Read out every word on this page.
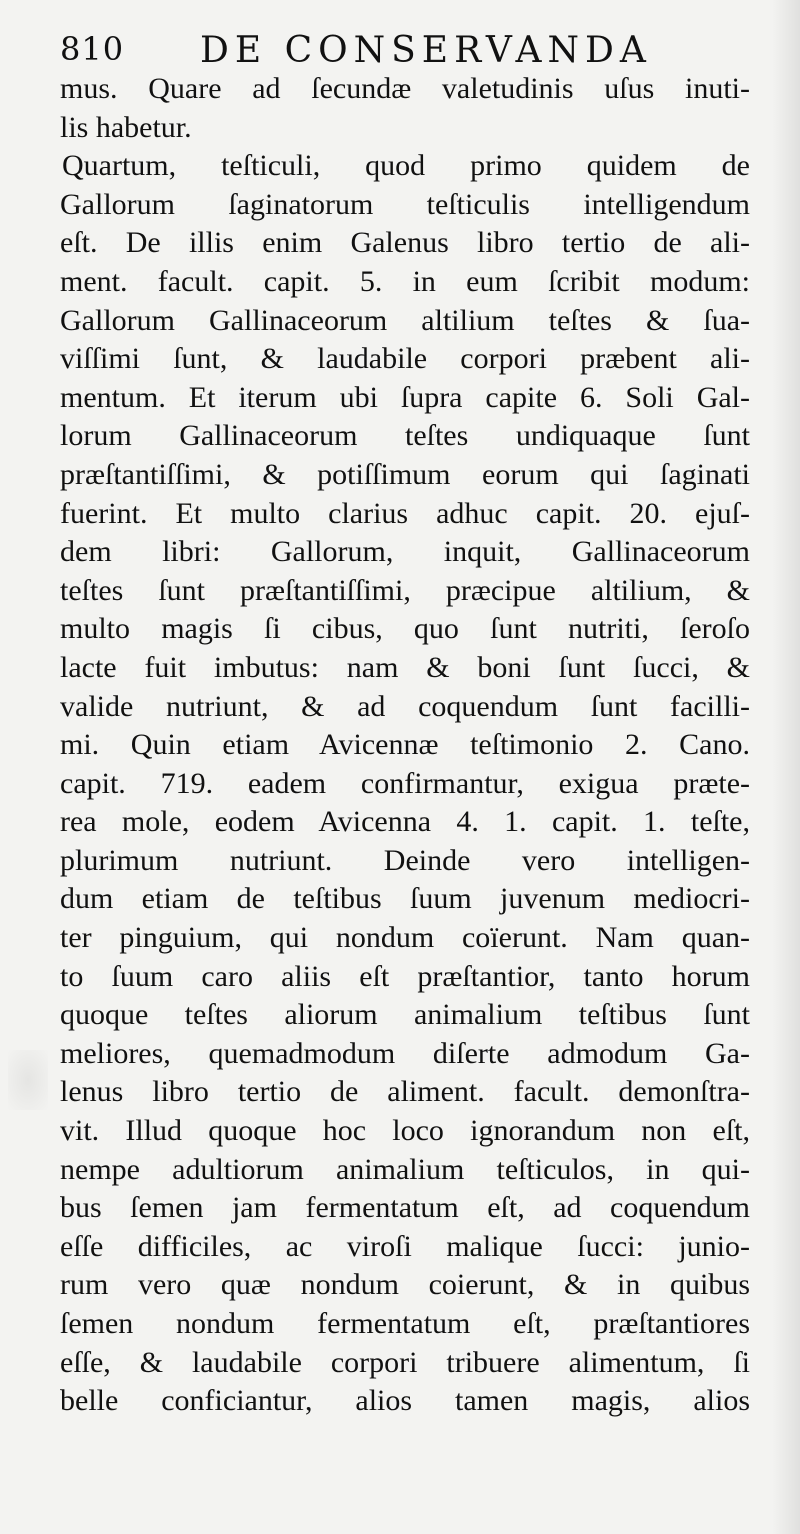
810 DE CONSERVANDA
mus. Quare ad ſecundæ valetudinis uſus inuti-
lis habetur.
Quartum, teſticuli, quod primo quidem de
Gallorum ſaginatorum teſticulis intelligendum
eſt. De illis enim Galenus libro tertio de ali-
ment. facult. capit. 5. in eum ſcribit modum:
Gallorum Gallinaceorum altilium teſtes & ſua-
viſſimi ſunt, & laudabile corpori præbent ali-
mentum. Et iterum ubi ſupra capite 6. Soli Gal-
lorum Gallinaceorum teſtes undiquaque ſunt
præſtantiſſimi, & potiſſimum eorum qui ſaginati
fuerint. Et multo clarius adhuc capit. 20. ejuſ-
dem libri: Gallorum, inquit, Gallinaceorum
teſtes ſunt præſtantiſſimi, præcipue altilium, &
multo magis ſi cibus, quo ſunt nutriti, ſeroſo
lacte fuit imbutus: nam & boni ſunt ſucci, &
valide nutriunt, & ad coquendum ſunt facilli-
mi. Quin etiam Avicennæ teſtimonio 2. Cano.
capit. 719. eadem confirmantur, exigua præte-
rea mole, eodem Avicenna 4. 1. capit. 1. teſte,
plurimum nutriunt. Deinde vero intelligen-
dum etiam de teſtibus ſuum juvenum mediocri-
ter pinguium, qui nondum coïerunt. Nam quan-
to ſuum caro aliis eſt præſtantior, tanto horum
quoque teſtes aliorum animalium teſtibus ſunt
meliores, quemadmodum diſerte admodum Ga-
lenus libro tertio de aliment. facult. demonſtra-
vit. Illud quoque hoc loco ignorandum non eſt,
nempe adultiorum animalium teſticulos, in qui-
bus ſemen jam fermentatum eſt, ad coquendum
eſſe difficiles, ac viroſi malique ſucci: junio-
rum vero quæ nondum coierunt, & in quibus
ſemen nondum fermentatum eſt, præſtantiores
eſſe, & laudabile corpori tribuere alimentum, ſi
belle conficiantur, alios tamen magis, alios
